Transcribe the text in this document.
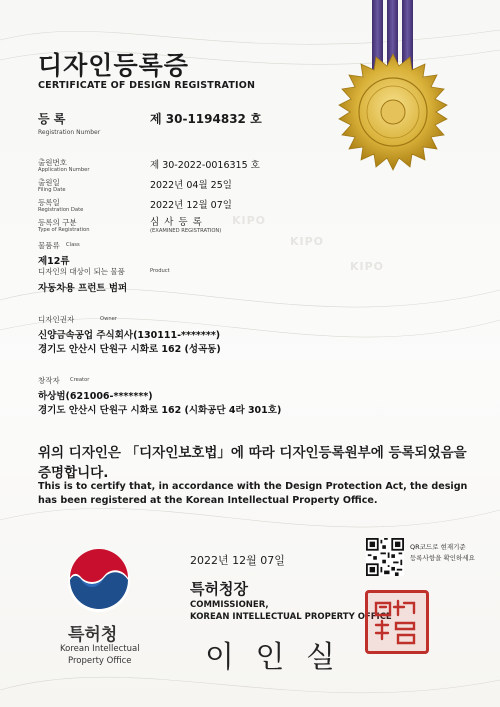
디자인등록증
CERTIFICATE OF DESIGN REGISTRATION
등 록
Registration Number
제 30-1194832 호
출원번호
Application Number	제 30-2022-0016315 호
출원일
Filing Date	2022년 04월 25일
등록일
Registration Date	2022년 12월 07일
등록의 구분
Type of Registration
심 사 등 록
(EXAMINED REGISTRATION)
KIPO
KIPO
KIPO
물품류 Class
제12류
디자인의 대상이 되는 물품	Product
자동차용 프런트 범퍼
디자인권자	Owner
신양금속공업 주식회사(130111-*******)
경기도 안산시 단원구 시화로 162 (성곡동)
창작자 Creator
하상범(621006-*******)
경기도 안산시 단원구 시화로 162 (시화공단 4라 301호)
위의 디자인은 「디자인보호법」에 따라 디자인등록원부에 등록되었음을
증명합니다.
This is to certify that, in accordance with the Design Protection Act, the design
has been registered at the Korean Intellectual Property Office.
특허청
Korean Intellectual
Property Office
2022년 12월 07일
특허청장
COMMISSIONER,
KOREAN INTELLECTUAL PROPERTY OFFICE
이 인 실
QR코드로 현재기준
등록사항을 확인하세요
